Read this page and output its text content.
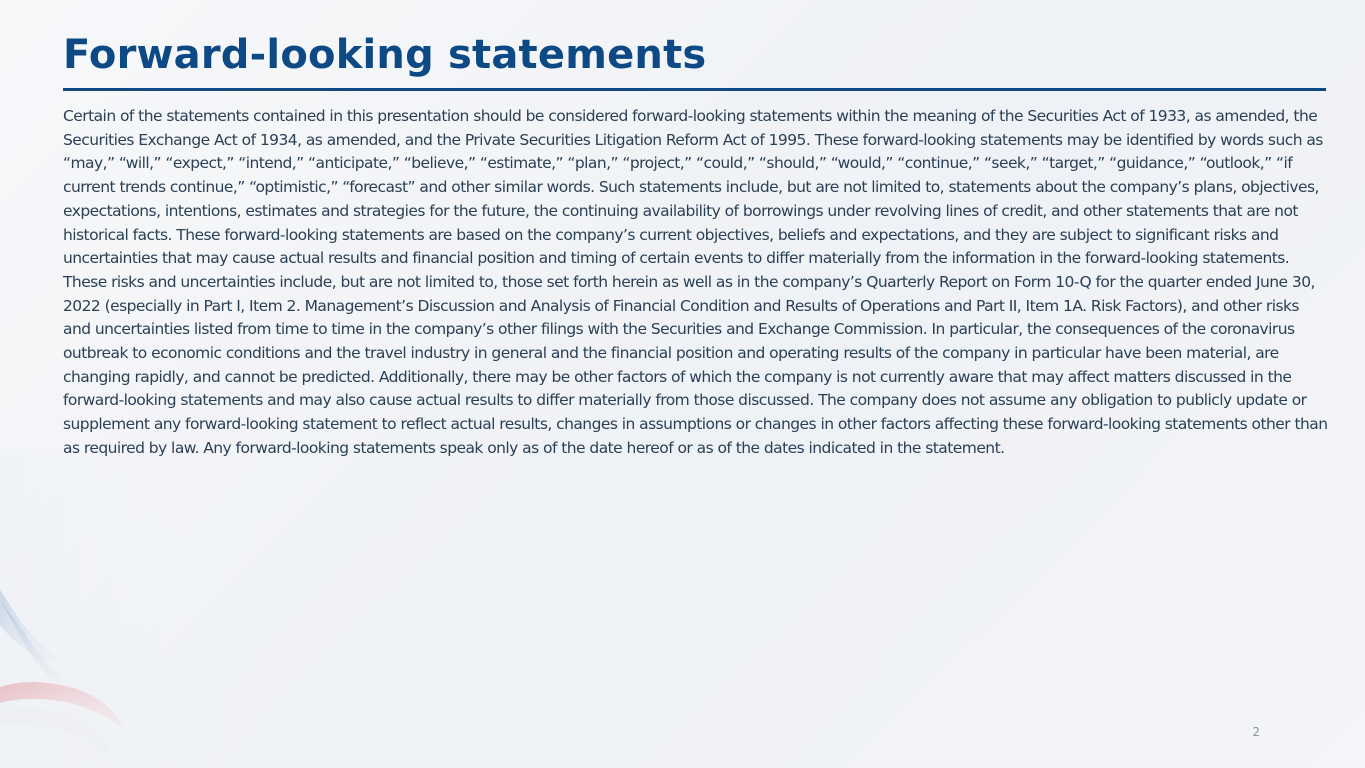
Forward-looking statements

Certain of the statements contained in this presentation should be considered forward-looking statements within the meaning of the Securities Act of 1933, as amended, the Securities Exchange Act of 1934, as amended, and the Private Securities Litigation Reform Act of 1995. These forward-looking statements may be identified by words such as “may,” “will,” “expect,” “intend,” “anticipate,” “believe,” “estimate,” “plan,” “project,” “could,” “should,” “would,” “continue,” “seek,” “target,” “guidance,” “outlook,” “if current trends continue,” “optimistic,” “forecast” and other similar words. Such statements include, but are not limited to, statements about the company’s plans, objectives, expectations, intentions, estimates and strategies for the future, the continuing availability of borrowings under revolving lines of credit, and other statements that are not historical facts. These forward-looking statements are based on the company’s current objectives, beliefs and expectations, and they are subject to significant risks and uncertainties that may cause actual results and financial position and timing of certain events to differ materially from the information in the forward-looking statements. These risks and uncertainties include, but are not limited to, those set forth herein as well as in the company’s Quarterly Report on Form 10-Q for the quarter ended June 30, 2022 (especially in Part I, Item 2. Management’s Discussion and Analysis of Financial Condition and Results of Operations and Part II, Item 1A. Risk Factors), and other risks and uncertainties listed from time to time in the company’s other filings with the Securities and Exchange Commission. In particular, the consequences of the coronavirus outbreak to economic conditions and the travel industry in general and the financial position and operating results of the company in particular have been material, are changing rapidly, and cannot be predicted. Additionally, there may be other factors of which the company is not currently aware that may affect matters discussed in the forward-looking statements and may also cause actual results to differ materially from those discussed. The company does not assume any obligation to publicly update or supplement any forward-looking statement to reflect actual results, changes in assumptions or changes in other factors affecting these forward-looking statements other than as required by law. Any forward-looking statements speak only as of the date hereof or as of the dates indicated in the statement.

2
